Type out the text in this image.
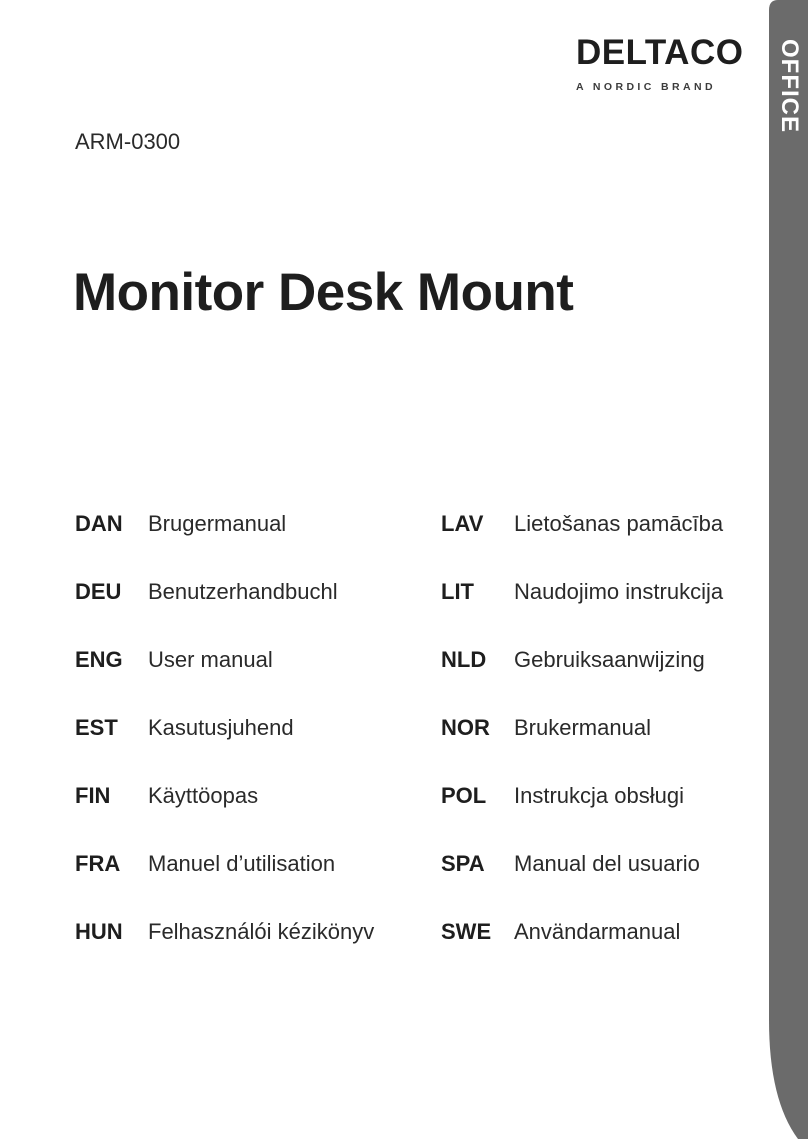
OFFICE
DELTACO
A NORDIC BRAND
ARM-0300
Monitor Desk Mount
DAN	Brugermanual
DEU	Benutzerhandbuchl
ENG	User manual
EST	Kasutusjuhend
FIN	Käyttöopas
FRA	Manuel d’utilisation
HUN	Felhasználói kézikönyv
LAV	Lietošanas pamācība
LIT	Naudojimo instrukcija
NLD	Gebruiksaanwijzing
NOR	Brukermanual
POL	Instrukcja obsługi
SPA	Manual del usuario
SWE	Användarmanual
